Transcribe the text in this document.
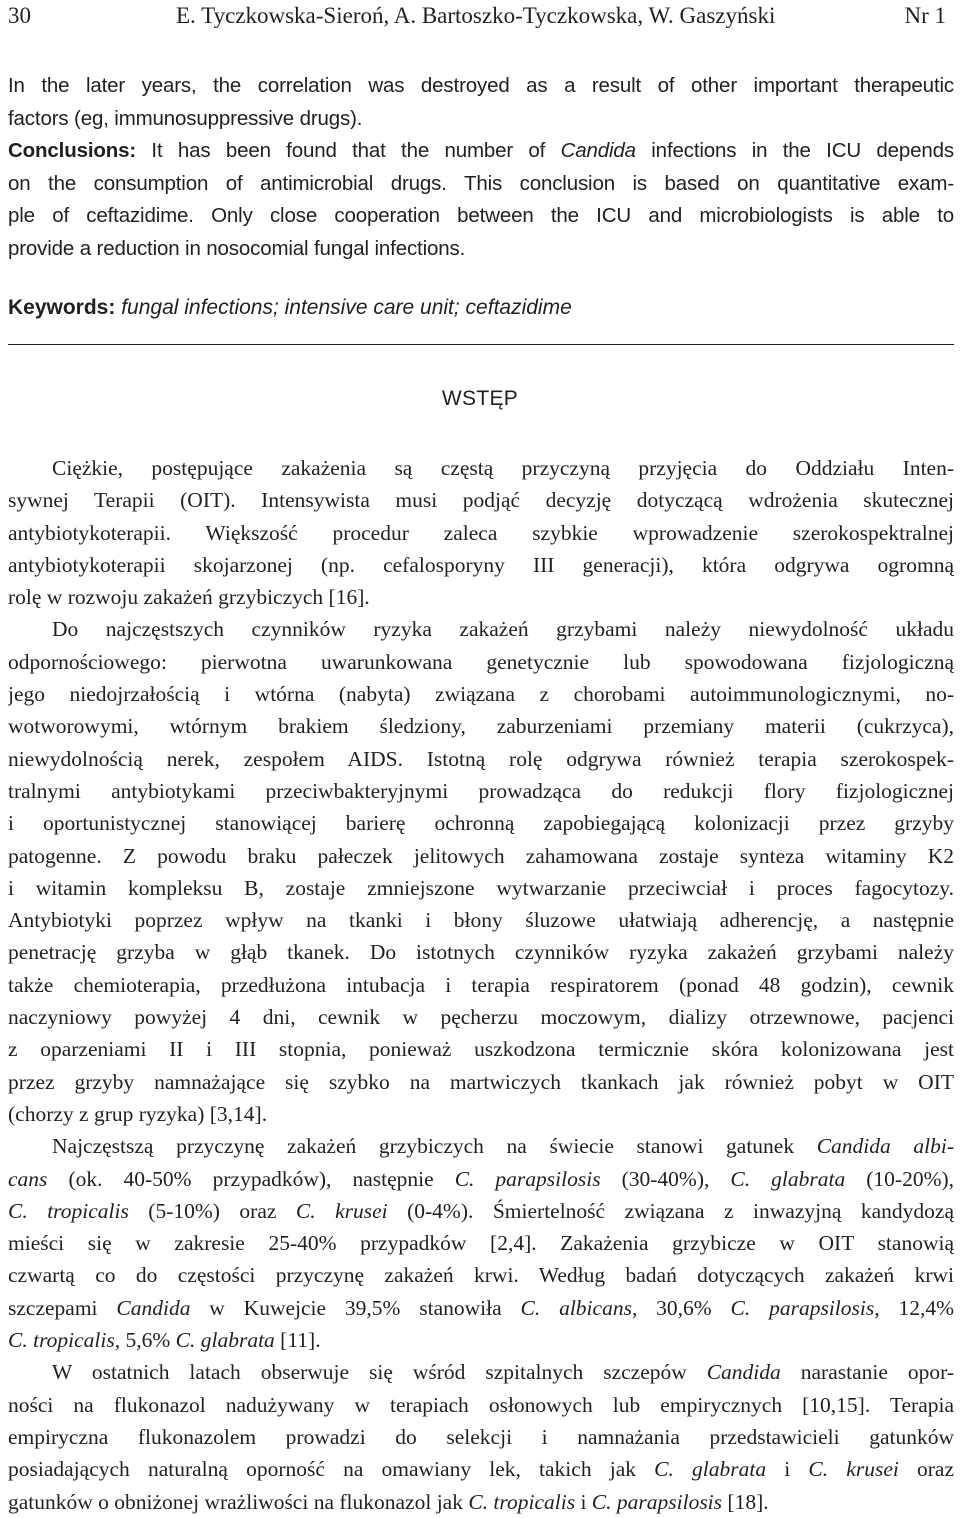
30	E. Tyczkowska-Sieroń, A. Bartoszko-Tyczkowska, W. Gaszyński	Nr 1
In the later years, the correlation was destroyed as a result of other important therapeutic
factors (eg, immunosuppressive drugs).
Conclusions: It has been found that the number of Candida infections in the ICU depends
on the consumption of antimicrobial drugs. This conclusion is based on quantitative exam-
ple of ceftazidime. Only close cooperation between the ICU and microbiologists is able to
provide a reduction in nosocomial fungal infections.
Keywords: fungal infections; intensive care unit; ceftazidime
WSTĘP
Ciężkie, postępujące zakażenia są częstą przyczyną przyjęcia do Oddziału Inten-
sywnej Terapii (OIT). Intensywista musi podjąć decyzję dotyczącą wdrożenia skutecznej
antybiotykoterapii. Większość procedur zaleca szybkie wprowadzenie szerokospektralnej
antybiotykoterapii skojarzonej (np. cefalosporyny III generacji), która odgrywa ogromną
rolę w rozwoju zakażeń grzybiczych [16].
Do najczęstszych czynników ryzyka zakażeń grzybami należy niewydolność układu
odpornościowego: pierwotna uwarunkowana genetycznie lub spowodowana fizjologiczną
jego niedojrzałością i wtórna (nabyta) związana z chorobami autoimmunologicznymi, no-
wotworowymi, wtórnym brakiem śledziony, zaburzeniami przemiany materii (cukrzyca),
niewydolnością nerek, zespołem AIDS. Istotną rolę odgrywa również terapia szerokospek-
tralnymi antybiotykami przeciwbakteryjnymi prowadząca do redukcji flory fizjologicznej
i oportunistycznej stanowiącej barierę ochronną zapobiegającą kolonizacji przez grzyby
patogenne. Z powodu braku pałeczek jelitowych zahamowana zostaje synteza witaminy K2
i witamin kompleksu B, zostaje zmniejszone wytwarzanie przeciwciał i proces fagocytozy.
Antybiotyki poprzez wpływ na tkanki i błony śluzowe ułatwiają adherencję, a następnie
penetrację grzyba w głąb tkanek. Do istotnych czynników ryzyka zakażeń grzybami należy
także chemioterapia, przedłużona intubacja i terapia respiratorem (ponad 48 godzin), cewnik
naczyniowy powyżej 4 dni, cewnik w pęcherzu moczowym, dializy otrzewnowe, pacjenci
z oparzeniami II i III stopnia, ponieważ uszkodzona termicznie skóra kolonizowana jest
przez grzyby namnażające się szybko na martwiczych tkankach jak również pobyt w OIT
(chorzy z grup ryzyka) [3,14].
Najczęstszą przyczynę zakażeń grzybiczych na świecie stanowi gatunek Candida albi-
cans (ok. 40-50% przypadków), następnie C. parapsilosis (30-40%), C. glabrata (10-20%),
C. tropicalis (5-10%) oraz C. krusei (0-4%). Śmiertelność związana z inwazyjną kandydozą
mieści się w zakresie 25-40% przypadków [2,4]. Zakażenia grzybicze w OIT stanowią
czwartą co do częstości przyczynę zakażeń krwi. Według badań dotyczących zakażeń krwi
szczepami Candida w Kuwejcie 39,5% stanowiła C. albicans, 30,6% C. parapsilosis, 12,4%
C. tropicalis, 5,6% C. glabrata [11].
W ostatnich latach obserwuje się wśród szpitalnych szczepów Candida narastanie opor-
ności na flukonazol nadużywany w terapiach osłonowych lub empirycznych [10,15]. Terapia
empiryczna flukonazolem prowadzi do selekcji i namnażania przedstawicieli gatunków
posiadających naturalną oporność na omawiany lek, takich jak C. glabrata i C. krusei oraz
gatunków o obniżonej wrażliwości na flukonazol jak C. tropicalis i C. parapsilosis [18].
